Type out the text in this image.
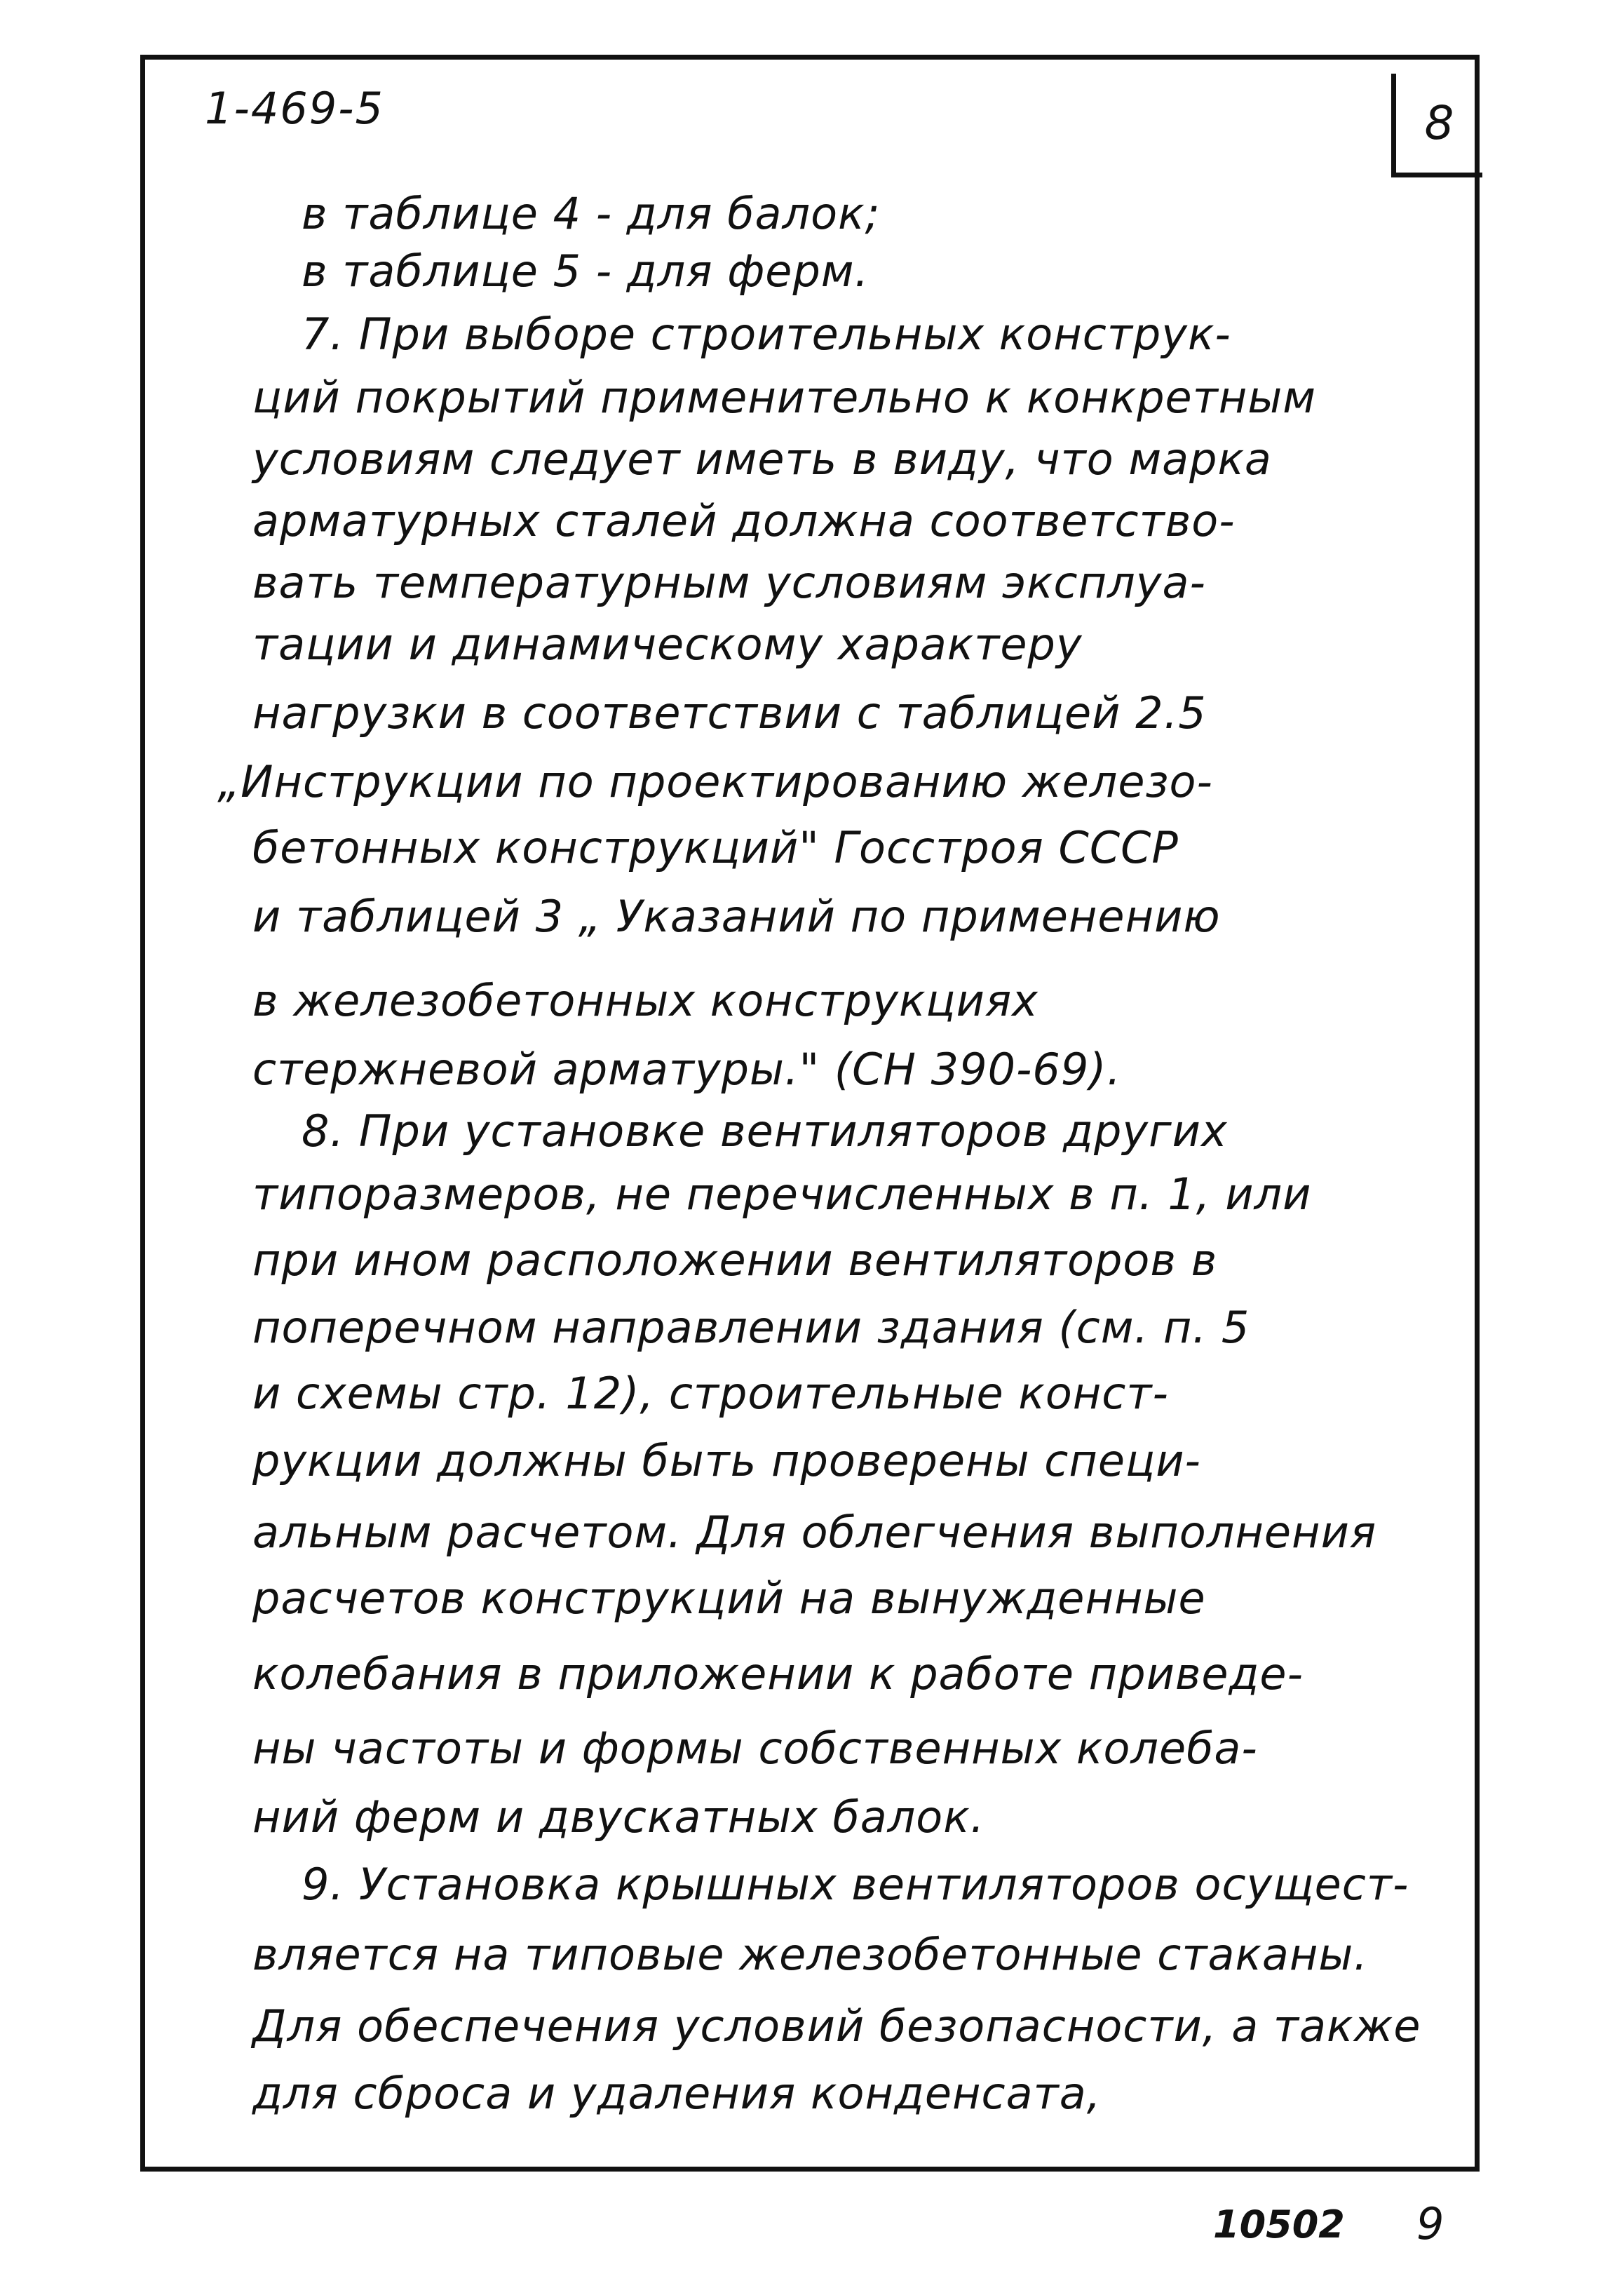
1-469-5	8
в таблице 4 - для балок;
в таблице 5 - для ферм.
7. При выборе строительных конструк-
ций покрытий применительно к конкретным
условиям следует иметь в виду, что марка
арматурных сталей должна соответство-
вать температурным условиям эксплуа-
тации и динамическому характеру
нагрузки в соответствии с таблицей 2.5
„Инструкции по проектированию железо-
бетонных конструкций" Госстроя СССР
и таблицей 3 „ Указаний по применению
в железобетонных конструкциях
стержневой арматуры." (СН 390-69).
8. При установке вентиляторов других
типоразмеров, не перечисленных в п. 1, или
при ином расположении вентиляторов в
поперечном направлении здания (см. п. 5
и схемы стр. 12), строительные конст-
рукции должны быть проверены специ-
альным расчетом. Для облегчения выполнения
расчетов конструкций на вынужденные
колебания в приложении к работе приведе-
ны частоты и формы собственных колеба-
ний ферм и двускатных балок.
9. Установка крышных вентиляторов осущест-
вляется на типовые железобетонные стаканы.
Для обеспечения условий безопасности, а также
для сброса и удаления конденсата,
10502 9
